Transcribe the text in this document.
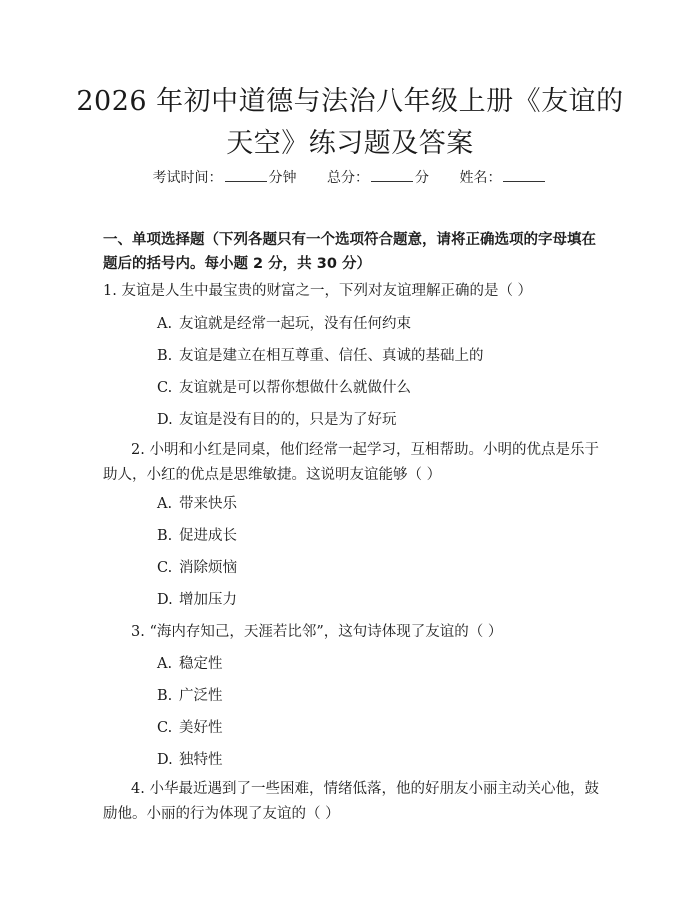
2026 年初中道德与法治八年级上册《友谊的
天空》练习题及答案
考试时间：	分钟 总分：	分 姓名：
一、单项选择题（下列各题只有一个选项符合题意，请将正确选项的字母填在题后的括号内。每小题 2 分，共 30 分）
1. 友谊是人生中最宝贵的财富之一，下列对友谊理解正确的是（ ）
A. 友谊就是经常一起玩，没有任何约束
B. 友谊是建立在相互尊重、信任、真诚的基础上的
C. 友谊就是可以帮你想做什么就做什么
D. 友谊是没有目的的，只是为了好玩
2. 小明和小红是同桌，他们经常一起学习，互相帮助。小明的优点是乐于助人，小红的优点是思维敏捷。这说明友谊能够（ ）
A. 带来快乐
B. 促进成长
C. 消除烦恼
D. 增加压力
3. “海内存知己，天涯若比邻”，这句诗体现了友谊的（ ）
A. 稳定性
B. 广泛性
C. 美好性
D. 独特性
4. 小华最近遇到了一些困难，情绪低落，他的好朋友小丽主动关心他，鼓励他。小丽的行为体现了友谊的（ ）
